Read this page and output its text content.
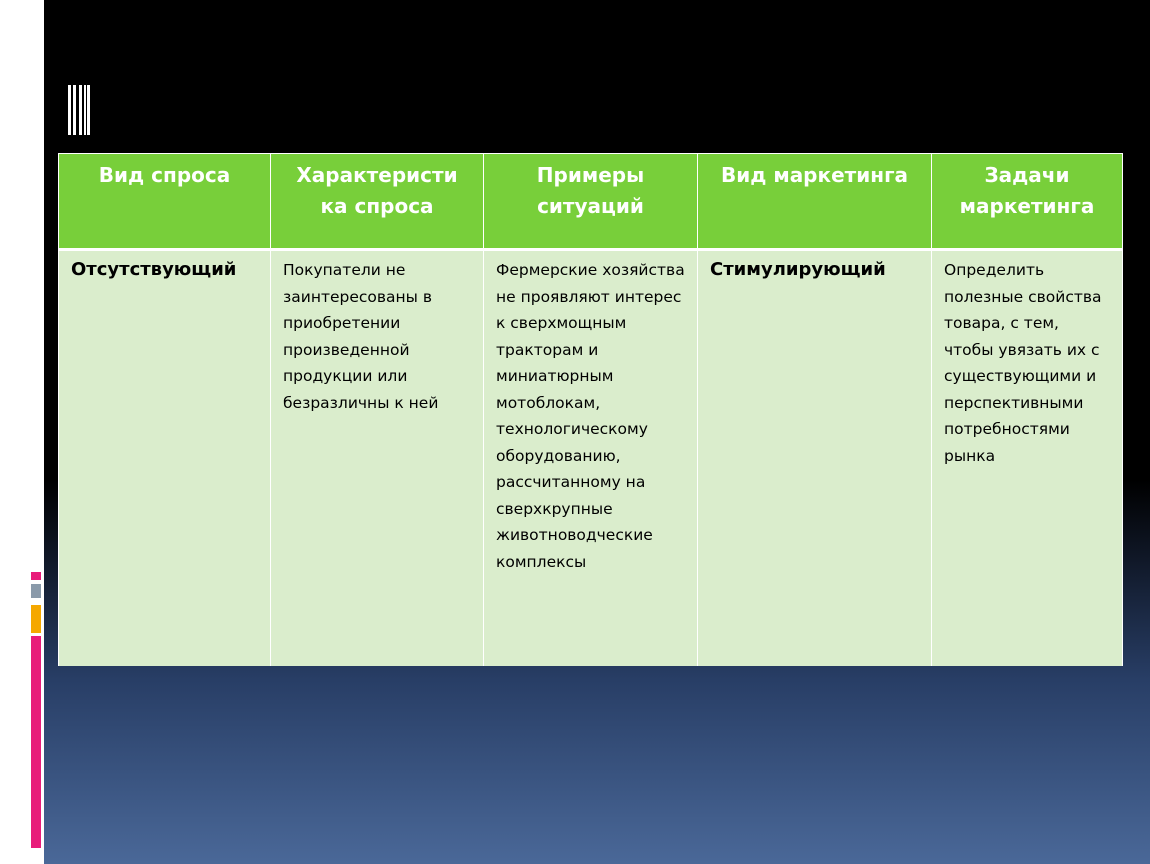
Вид спроса	Характеристи ка спроса	Примеры ситуаций	Вид маркетинга	Задачи маркетинга
Отсутствующий	Покупатели не заинтересованы в приобретении произведенной продукции или безразличны к ней	Фермерские хозяйства не проявляют интерес к сверхмощным тракторам и миниатюрным мотоблокам, технологическому оборудованию, рассчитанному на сверхкрупные животноводческие комплексы	Стимулирующий	Определить полезные свойства товара, с тем, чтобы увязать их с существующими и перспективными потребностями рынка
